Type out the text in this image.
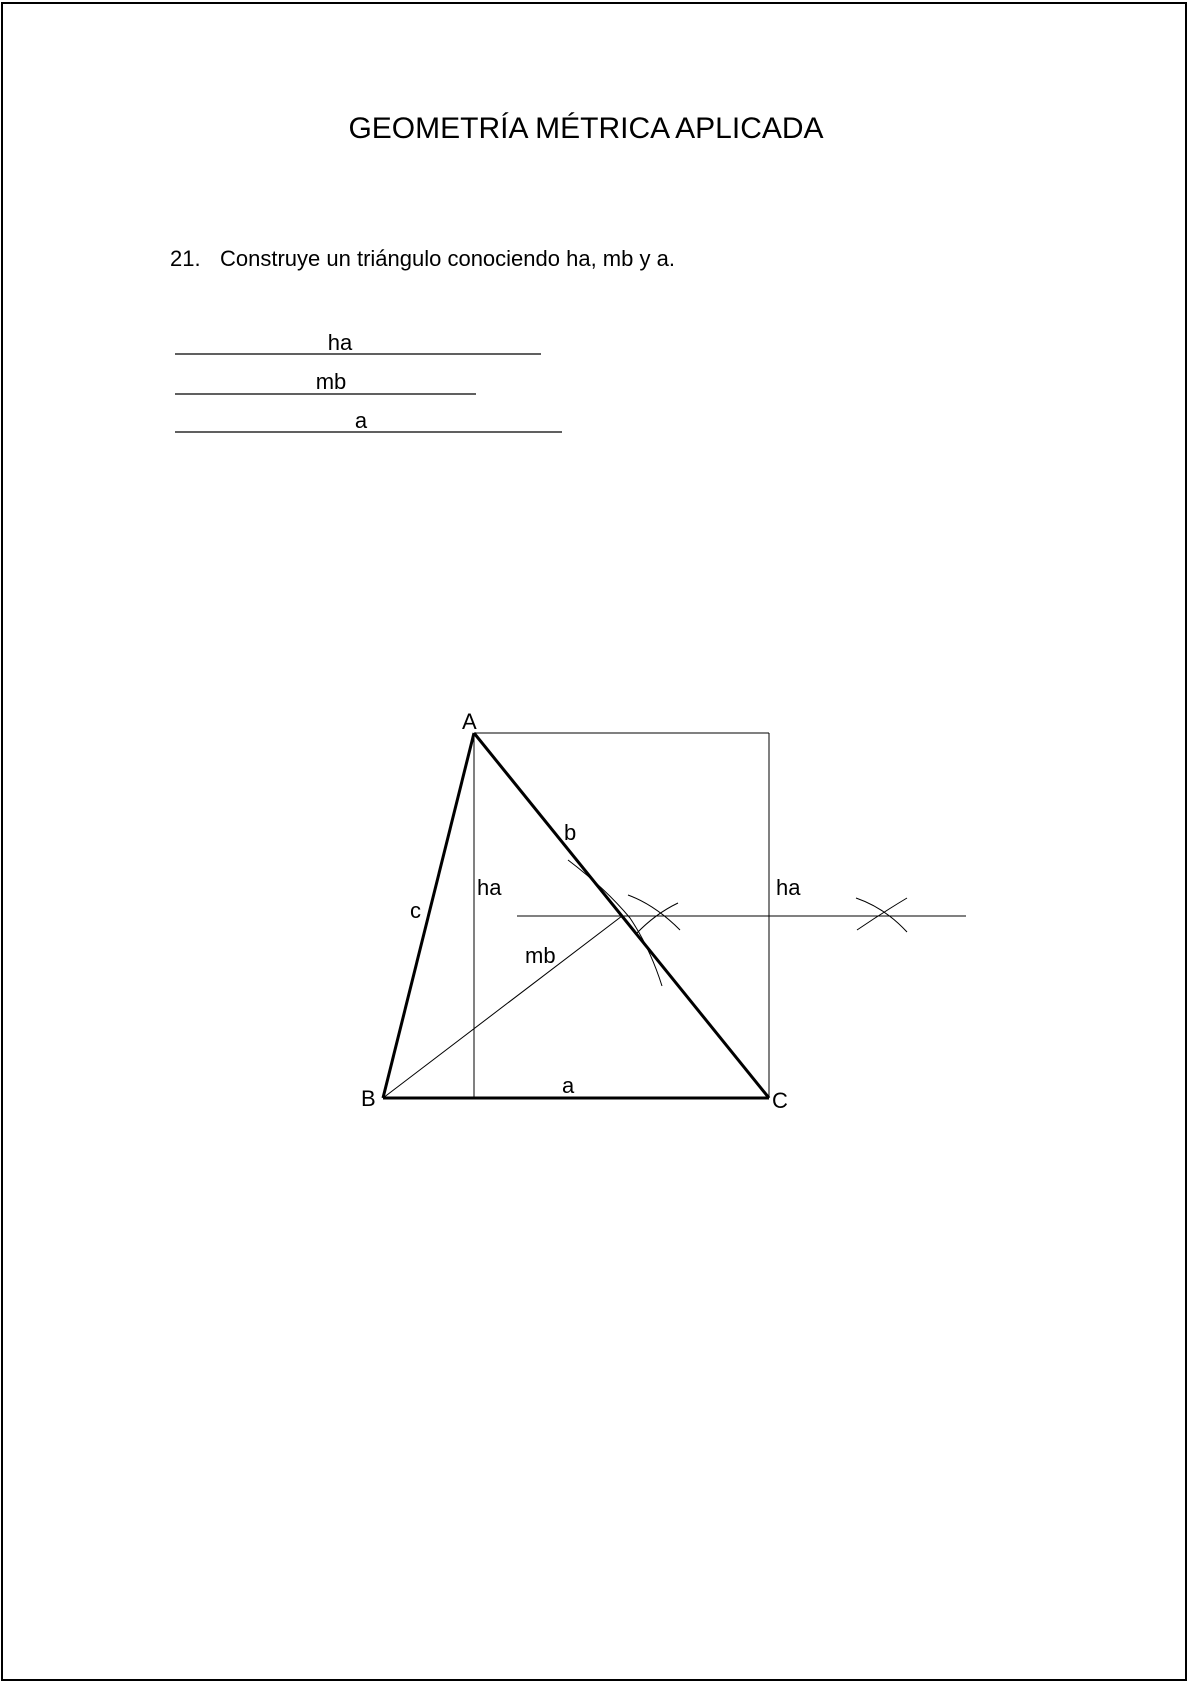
GEOMETRÍA MÉTRICA APLICADA
21. Construye un triángulo conociendo ha, mb y a.
ha
mb
a
A
B	C
b
c
a
ha	ha
mb
